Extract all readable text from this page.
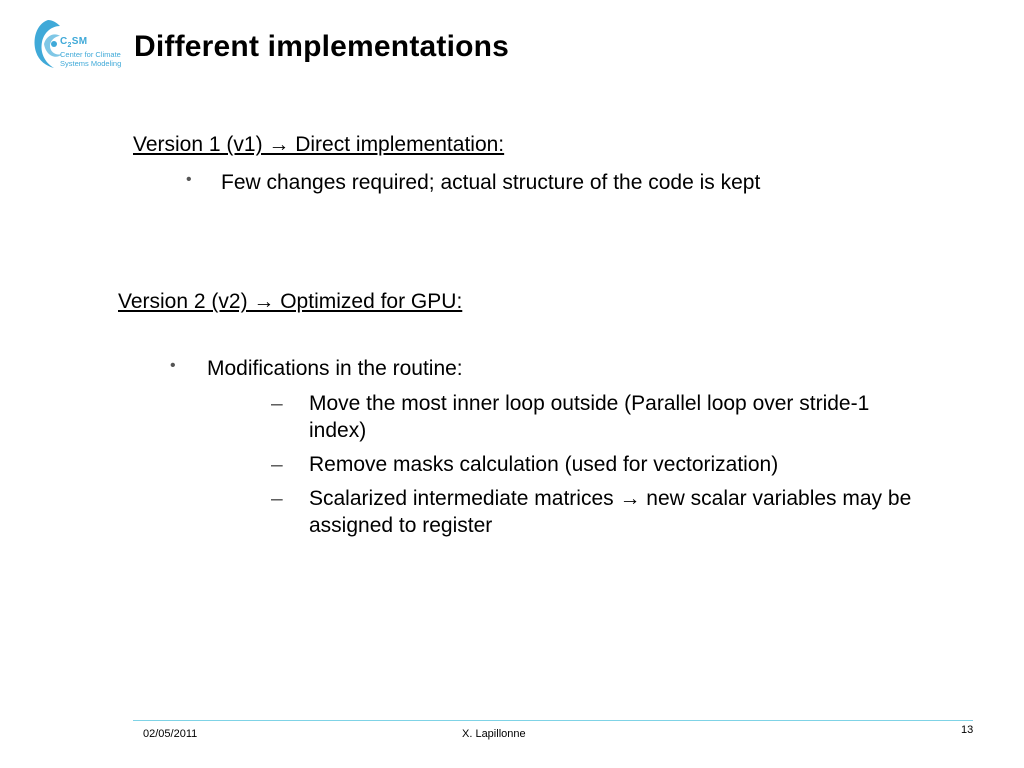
$C_2SM$
Center for Climate
Systems Modeling
Different implementations
Version 1 (v1) → Direct implementation:
• Few changes required; actual structure of the code is kept
Version 2 (v2) → Optimized for GPU:
• Modifications in the routine:
– Move the most inner loop outside (Parallel loop over stride-1 index)
– Remove masks calculation (used for vectorization)
– Scalarized intermediate matrices → new scalar variables may be assigned to register
02/05/2011	X. Lapillonne	13
